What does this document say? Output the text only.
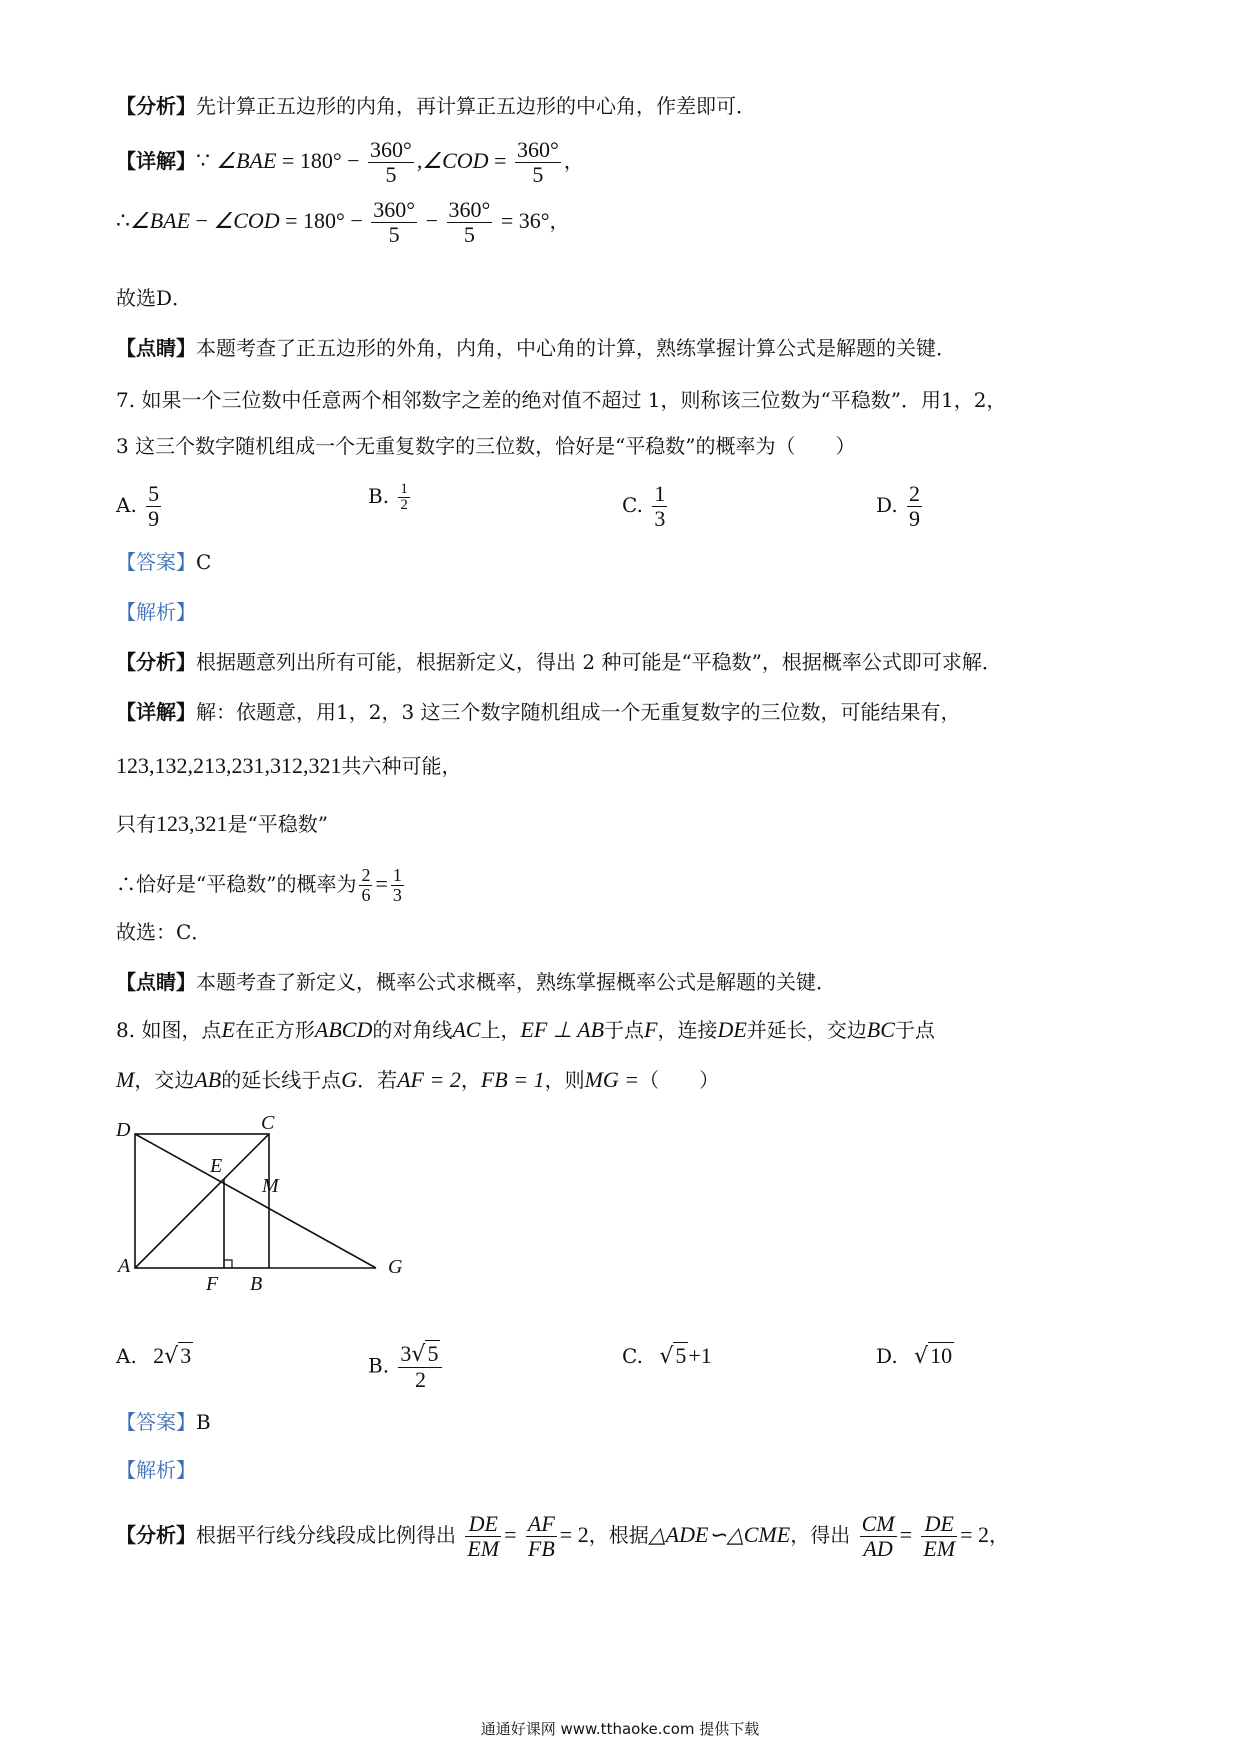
【分析】先计算正五边形的内角，再计算正五边形的中心角，作差即可．
【详解】∵ ∠BAE = $180^\circ - \frac{360^\circ}{5}$ ,∠COD = $\frac{360^\circ}{5}$ ，
∴∠BAE − ∠COD = $180^\circ - \frac{360^\circ}{5} - \frac{360^\circ}{5} = 36^\circ$，
故选D．
【点睛】本题考查了正五边形的外角，内角，中心角的计算，熟练掌握计算公式是解题的关键．
7. 如果一个三位数中任意两个相邻数字之差的绝对值不超过 1，则称该三位数为“平稳数”．用1，2，
3 这三个数字随机组成一个无重复数字的三位数，恰好是“平稳数”的概率为（　　）
A. $\frac{5}{9}$	B. $\frac{1}{2}$	C. $\frac{1}{3}$	D. $\frac{2}{9}$
【答案】C
【解析】
【分析】根据题意列出所有可能，根据新定义，得出 2 种可能是“平稳数”，根据概率公式即可求解．
【详解】解：依题意，用1，2，3 这三个数字随机组成一个无重复数字的三位数，可能结果有，
123,132,213,231,312,321共六种可能，
只有123,321是“平稳数”
∴恰好是“平稳数”的概率为 $\frac{2}{6} = \frac{1}{3}$
故选：C．
【点睛】本题考查了新定义，概率公式求概率，熟练掌握概率公式是解题的关键．
8. 如图，点E在正方形ABCD的对角线AC上，EF ⊥ AB于点F，连接DE并延长，交边BC于点
M，交边AB的延长线于点G．若AF = 2，FB = 1，则MG =（　　）
D	C
E
M
A
F B
G
A. 2√3	B. $\frac{3√5}{2}$	C. √5+1	D. √10
【答案】B
【解析】
【分析】根据平行线分线段成比例得出 $\frac{DE}{EM} = \frac{AF}{FB} = 2$，根据△ADE∽△CME，得出 $\frac{CM}{AD} = \frac{DE}{EM} = 2$，
通通好课网 www.tthaoke.com 提供下载
